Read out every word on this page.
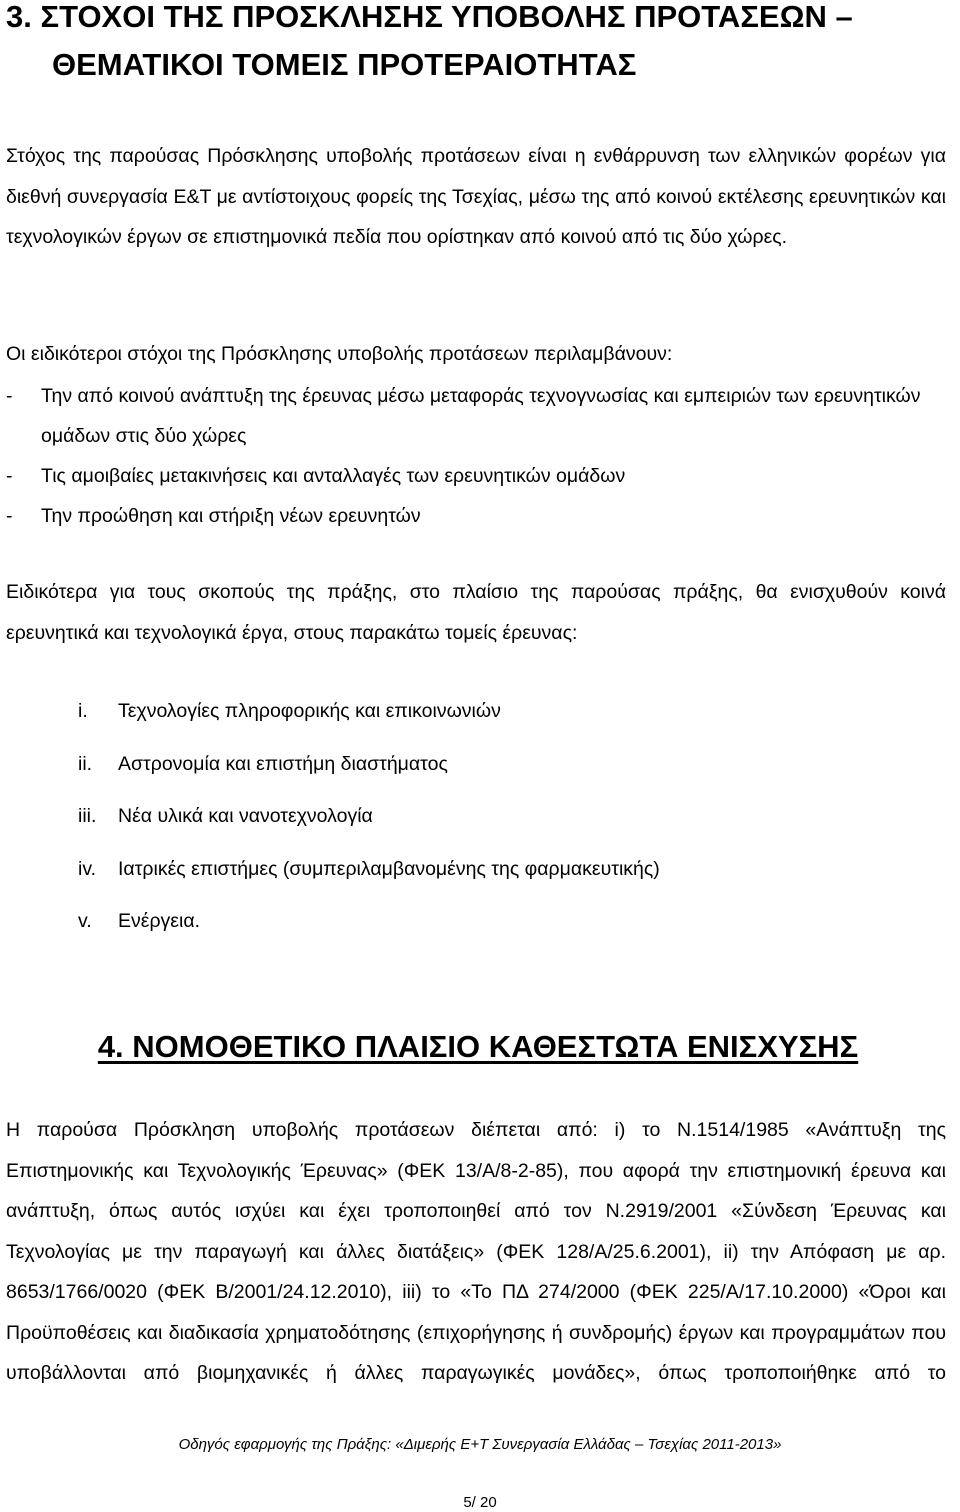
3. ΣΤΟΧΟΙ ΤΗΣ ΠΡΟΣΚΛΗΣΗΣ ΥΠΟΒΟΛΗΣ ΠΡΟΤΑΣΕΩΝ –
ΘΕΜΑΤΙΚΟΙ ΤΟΜΕΙΣ ΠΡΟΤΕΡΑΙΟΤΗΤΑΣ

Στόχος της παρούσας Πρόσκλησης υποβολής προτάσεων είναι η ενθάρρυνση των ελληνικών φορέων για διεθνή συνεργασία Ε&Τ με αντίστοιχους φορείς της Τσεχίας, μέσω της από κοινού εκτέλεσης ερευνητικών και τεχνολογικών έργων σε επιστημονικά πεδία που ορίστηκαν από κοινού από τις δύο χώρες.

Οι ειδικότεροι στόχοι της Πρόσκλησης υποβολής προτάσεων περιλαμβάνουν:

- Την από κοινού ανάπτυξη της έρευνας μέσω μεταφοράς τεχνογνωσίας και εμπειριών των ερευνητικών ομάδων στις δύο χώρες
- Τις αμοιβαίες μετακινήσεις και ανταλλαγές των ερευνητικών ομάδων
- Την προώθηση και στήριξη νέων ερευνητών

Ειδικότερα για τους σκοπούς της πράξης, στο πλαίσιο της παρούσας πράξης, θα ενισχυθούν κοινά ερευνητικά και τεχνολογικά έργα, στους παρακάτω τομείς έρευνας:

i. Τεχνολογίες πληροφορικής και επικοινωνιών
ii. Αστρονομία και επιστήμη διαστήματος
iii. Νέα υλικά και νανοτεχνολογία
iv. Ιατρικές επιστήμες (συμπεριλαμβανομένης της φαρμακευτικής)
v. Ενέργεια.
4. ΝΟΜΟΘΕΤΙΚΟ ΠΛΑΙΣΙΟ ΚΑΘΕΣΤΩΤΑ ΕΝΙΣΧΥΣΗΣ

Η παρούσα Πρόσκληση υποβολής προτάσεων διέπεται από: i) το Ν.1514/1985 «Ανάπτυξη της Επιστημονικής και Τεχνολογικής Έρευνας» (ΦΕΚ 13/Α/8-2-85), που αφορά την επιστημονική έρευνα και ανάπτυξη, όπως αυτός ισχύει και έχει τροποποιηθεί από τον Ν.2919/2001 «Σύνδεση Έρευνας και Τεχνολογίας με την παραγωγή και άλλες διατάξεις» (ΦΕΚ 128/Α/25.6.2001), ii) την Απόφαση με αρ. 8653/1766/0020 (ΦΕΚ Β/2001/24.12.2010), iii) το «Το ΠΔ 274/2000 (ΦΕΚ 225/Α/17.10.2000) «Όροι και Προϋποθέσεις και διαδικασία χρηματοδότησης (επιχορήγησης ή συνδρομής) έργων και προγραμμάτων που υποβάλλονται από βιομηχανικές ή άλλες παραγωγικές μονάδες», όπως τροποποιήθηκε από το

Οδηγός εφαρμογής της Πράξης: «Διμερής Ε+Τ Συνεργασία Ελλάδας – Τσεχίας 2011-2013»
5/ 20
